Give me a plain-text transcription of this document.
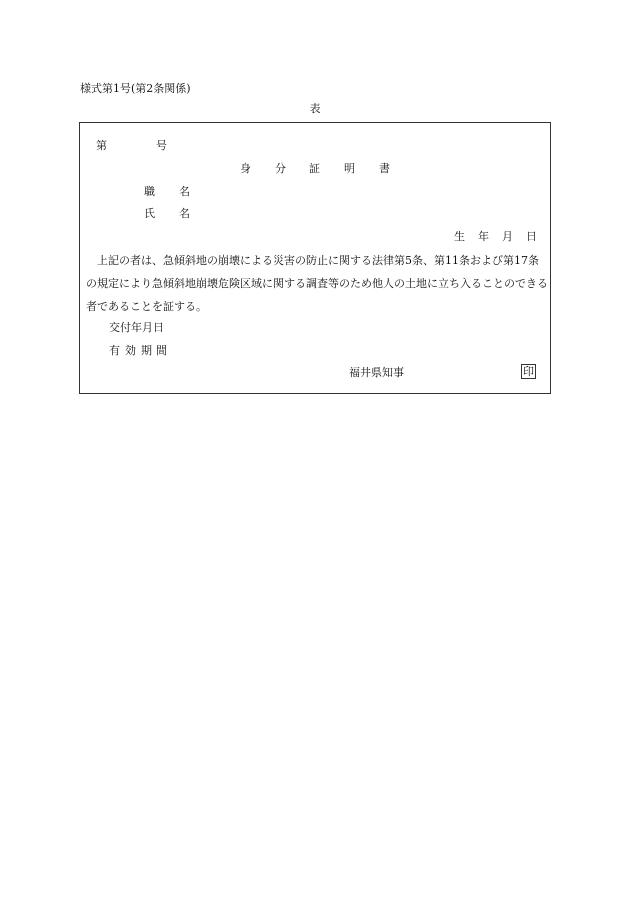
様式第1号(第2条関係)
表
第	号
身 分 証 明 書
職 名
氏 名
生 年 月 日
上記の者は、急傾斜地の崩壊による災害の防止に関する法律第5条、第11条および第17条の規定により急傾斜地崩壊危険区域に関する調査等のため他人の土地に立ち入ることのできる者であることを証する。
交付年月日
有 効 期 間
福井県知事	印
